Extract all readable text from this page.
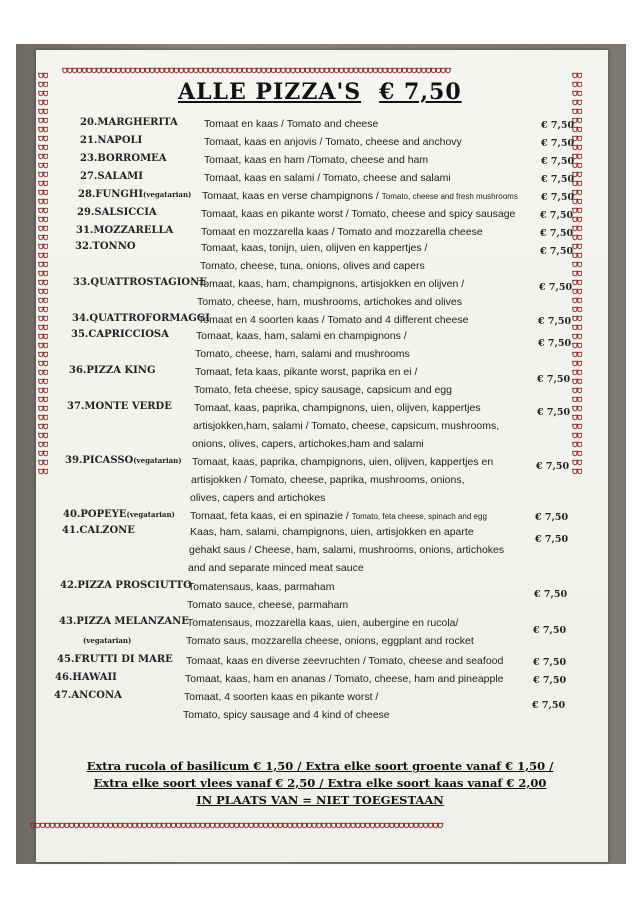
⩌⩌⩌⩌⩌⩌⩌⩌⩌⩌⩌⩌⩌⩌⩌⩌⩌⩌⩌⩌⩌⩌⩌⩌⩌⩌⩌⩌⩌⩌⩌⩌⩌⩌⩌⩌⩌⩌⩌⩌⩌⩌⩌⩌⩌⩌⩌⩌⩌⩌⩌⩌⩌⩌⩌⩌⩌⩌⩌⩌⩌⩌⩌⩌⩌⩌⩌⩌⩌⩌⩌⩌⩌⩌⩌⩌⩌⩌⩌⩌
⩌⩌⩌⩌⩌⩌⩌⩌⩌⩌⩌⩌⩌⩌⩌⩌⩌⩌⩌⩌⩌⩌⩌⩌⩌⩌⩌⩌⩌⩌⩌⩌⩌⩌⩌⩌⩌⩌⩌⩌⩌⩌⩌⩌⩌⩌⩌⩌⩌⩌⩌⩌⩌⩌⩌⩌⩌⩌⩌⩌⩌⩌⩌⩌⩌⩌⩌⩌⩌⩌⩌⩌⩌⩌⩌⩌⩌⩌⩌⩌⩌⩌⩌⩌⩌
⩌⩌⩌⩌⩌⩌⩌⩌⩌⩌⩌⩌⩌⩌⩌⩌⩌⩌⩌⩌⩌⩌⩌⩌⩌⩌⩌⩌⩌⩌⩌⩌⩌⩌⩌⩌⩌⩌⩌⩌⩌⩌⩌⩌⩌⩌⩌⩌⩌⩌⩌⩌⩌⩌⩌⩌⩌⩌⩌⩌⩌⩌⩌⩌⩌⩌⩌⩌⩌⩌⩌⩌⩌⩌⩌⩌⩌⩌⩌⩌⩌⩌⩌⩌⩌⩌⩌⩌⩌⩌
⩌⩌⩌⩌⩌⩌⩌⩌⩌⩌⩌⩌⩌⩌⩌⩌⩌⩌⩌⩌⩌⩌⩌⩌⩌⩌⩌⩌⩌⩌⩌⩌⩌⩌⩌⩌⩌⩌⩌⩌⩌⩌⩌⩌⩌⩌⩌⩌⩌⩌⩌⩌⩌⩌⩌⩌⩌⩌⩌⩌⩌⩌⩌⩌⩌⩌⩌⩌⩌⩌⩌⩌⩌⩌⩌⩌⩌⩌⩌⩌⩌⩌⩌⩌⩌⩌⩌⩌⩌⩌
ALLE PIZZA'S € 7,50
20.MARGHERITA Tomaat en kaas / Tomato and cheese	€ 7,50
21.NAPOLI	Tomaat, kaas en anjovis / Tomato, cheese and anchovy	€ 7,50
23.BORROMEA	Tomaat, kaas en ham /Tomato, cheese and ham	€ 7,50
27.SALAMI	Tomaat, kaas en salami / Tomato, cheese and salami	€ 7,50
28.FUNGHI(vegatarian) Tomaat, kaas en verse champignons / Tomato, cheese and fresh mushrooms € 7,50
29.SALSICCIA	Tomaat, kaas en pikante worst / Tomato, cheese and spicy sausage	€ 7,50
31.MOZZARELLA	Tomaat en mozzarella kaas / Tomato and mozzarella cheese	€ 7,50
32.TONNO	Tomaat, kaas, tonijn, uien, olijven en kappertjes /
Tomato, cheese, tuna, onions, olives and capers
€ 7,50
33.QUATTROSTAGIONE
Tomaat, kaas, ham, champignons, artisjokken en olijven /
Tomato, cheese, ham, mushrooms, artichokes and olives
€ 7,50
34.QUATTROFORMAGGI
Tomaat en 4 soorten kaas / Tomato and 4 different cheese	€ 7,50
35.CAPRICCIOSA	Tomaat, kaas, ham, salami en champignons /
Tomato, cheese, ham, salami and mushrooms
€ 7,50
36.PIZZA KING	Tomaat, feta kaas, pikante worst, paprika en ei /
Tomato, feta cheese, spicy sausage, capsicum and egg
€ 7,50
37.MONTE VERDE Tomaat, kaas, paprika, champignons, uien, olijven, kappertjes
artisjokken,ham, salami / Tomato, cheese, capsicum, mushrooms,
onions, olives, capers, artichokes,ham and salami
€ 7,50
39.PICASSO(vegatarian) Tomaat, kaas, paprika, champignons, uien, olijven, kappertjes en
artisjokken / Tomato, cheese, paprika, mushrooms, onions,
olives, capers and artichokes
€ 7,50
40.POPEYE(vegatarian) Tomaat, feta kaas, ei en spinazie / Tomato, feta cheese, spinach and egg	€ 7,50
41.CALZONE	Kaas, ham, salami, champignons, uien, artisjokken en aparte
gehakt saus / Cheese, ham, salami, mushrooms, onions, artichokes
and and separate minced meat sauce
€ 7,50
42.PIZZA PROSCIUTTO
Tomatensaus, kaas, parmaham
Tomato sauce, cheese, parmaham
€ 7,50
43.PIZZA MELANZANE
(vegatarian)
Tomatensaus, mozzarella kaas, uien, aubergine en rucola/
Tomato saus, mozzarella cheese, onions, eggplant and rocket
€ 7,50
45.FRUTTI DI MARE Tomaat, kaas en diverse zeevruchten / Tomato, cheese and seafood	€ 7,50
46.HAWAII	Tomaat, kaas, ham en ananas / Tomato, cheese, ham and pineapple	€ 7,50
47.ANCONA	Tomaat, 4 soorten kaas en pikante worst /
Tomato, spicy sausage and 4 kind of cheese
€ 7,50
Extra rucola of basilicum € 1,50 / Extra elke soort groente vanaf € 1,50 /
Extra elke soort vlees vanaf € 2,50 / Extra elke soort kaas vanaf € 2,00
IN PLAATS VAN = NIET TOEGESTAAN
